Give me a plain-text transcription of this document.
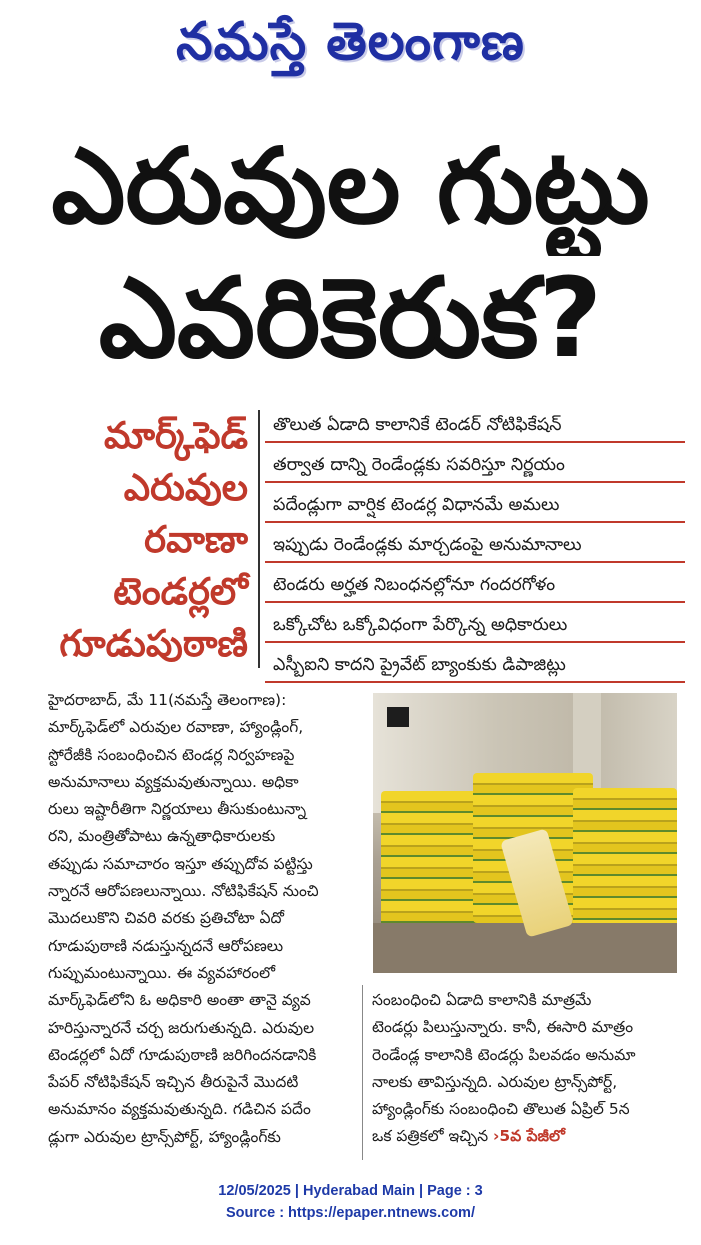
నమస్తే తెలంగాణ
ఎరువుల గుట్టు
ఎవరికెరుక?
మార్క్‌ఫెడ్
ఎరువుల
రవాణా
టెండర్లలో
గూడుపుఠాణి
తొలుత ఏడాది కాలానికే టెండర్ నోటిఫికేషన్
తర్వాత దాన్ని రెండేండ్లకు సవరిస్తూ నిర్ణయం
పదేండ్లుగా వార్షిక టెండర్ల విధానమే అమలు
ఇప్పుడు రెండేండ్లకు మార్చడంపై అనుమానాలు
టెండరు అర్హత నిబంధనల్లోనూ గందరగోళం
ఒక్కోచోట ఒక్కోవిధంగా పేర్కొన్న అధికారులు
ఎస్బీఐని కాదని ప్రైవేట్ బ్యాంకుకు డిపాజిట్లు
హైదరాబాద్, మే 11(నమస్తే తెలంగాణ):
మార్క్‌ఫెడ్‌లో ఎరువుల రవాణా, హ్యాండ్లింగ్,
స్టోరేజీకి సంబంధించిన టెండర్ల నిర్వహణపై
అనుమానాలు వ్యక్తమవుతున్నాయి. అధికా
రులు ఇష్టారీతిగా నిర్ణయాలు తీసుకుంటున్నా
రని, మంత్రితోపాటు ఉన్నతాధికారులకు
తప్పుడు సమాచారం ఇస్తూ తప్పుదోవ పట్టిస్తు
న్నారనే ఆరోపణలున్నాయి. నోటిఫికేషన్ నుంచి
మొదలుకొని చివరి వరకు ప్రతిచోటా ఏదో
గూడుపుఠాణి నడుస్తున్నదనే ఆరోపణలు
గుప్పుమంటున్నాయి. ఈ వ్యవహారంలో
మార్క్‌ఫెడ్‌లోని ఓ అధికారి అంతా తానై వ్యవ
హరిస్తున్నారనే చర్చ జరుగుతున్నది. ఎరువుల
టెండర్లలో ఏదో గూడుపుఠాణి జరిగిందనడానికి
పేపర్ నోటిఫికేషన్ ఇచ్చిన తీరుపైనే మొదటి
అనుమానం వ్యక్తమవుతున్నది. గడిచిన పదేం
డ్లుగా ఎరువుల ట్రాన్స్‌పోర్ట్, హ్యాండ్లింగ్‌కు
సంబంధించి ఏడాది కాలానికి మాత్రమే
టెండర్లు పిలుస్తున్నారు. కానీ, ఈసారి మాత్రం
రెండేండ్ల కాలానికి టెండర్లు పిలవడం అనుమా
నాలకు తావిస్తున్నది. ఎరువుల ట్రాన్స్‌పోర్ట్,
హ్యాండ్లింగ్‌కు సంబంధించి తొలుత ఏప్రిల్ 5న
ఒక పత్రికలో ఇచ్చిన ›5వ పేజీలో
12/05/2025 | Hyderabad Main | Page : 3
Source : https://epaper.ntnews.com/
